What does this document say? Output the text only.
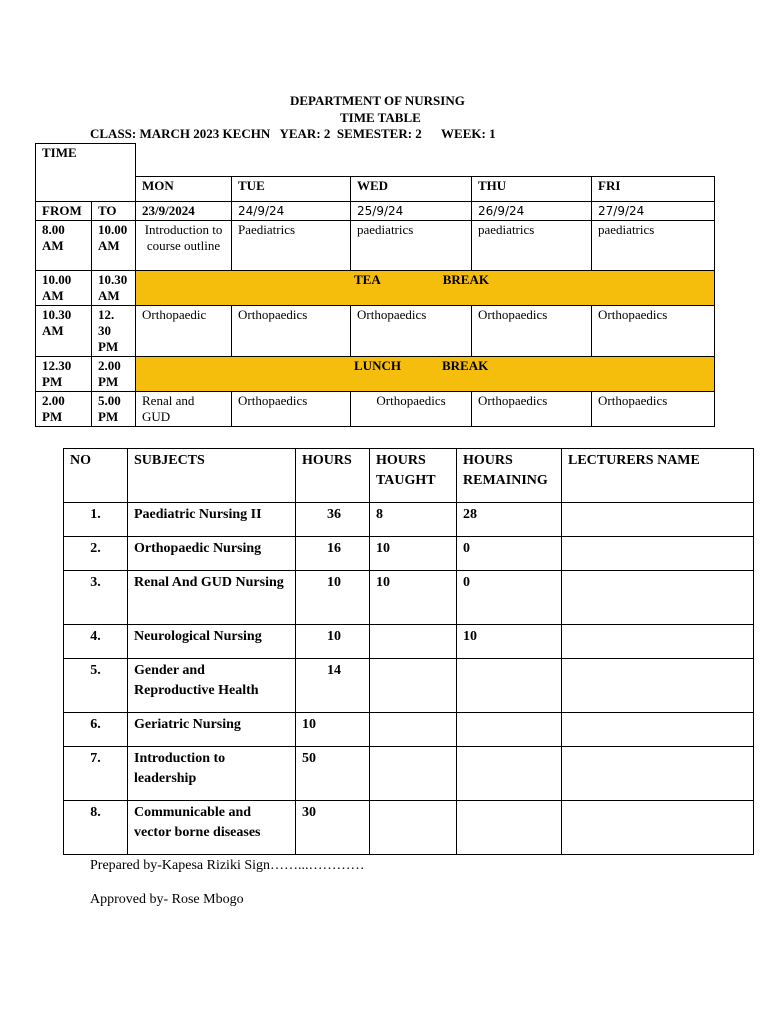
DEPARTMENT OF NURSING
TIME TABLE
CLASS: MARCH 2023 KECHN   YEAR: 2  SEMESTER: 2      WEEK: 1
TIME						
		MON	TUE	WED	THU	FRI
FROM	TO	23/9/2024	24/9/24	25/9/24	26/9/24	27/9/24
8.00 AM	10.00 AM	Introduction to course outline	Paediatrics	paediatrics	paediatrics	paediatrics
10.00 AM	10.30 AM	TEA BREAK				
10.30 AM	12. 30 PM	Orthopaedic	Orthopaedics	Orthopaedics	Orthopaedics	Orthopaedics
12.30 PM	2.00 PM	LUNCH BREAK				
2.00 PM	5.00 PM	Renal and GUD	Orthopaedics	Orthopaedics	Orthopaedics	Orthopaedics
NO	SUBJECTS	HOURS	HOURS TAUGHT	HOURS REMAINING	LECTURERS NAME
1.	Paediatric Nursing II	36	8	28	
2.	Orthopaedic Nursing	16	10	0	
3.	Renal And GUD Nursing	10	10	0	
4.	Neurological Nursing	10		10	
5.	Gender and Reproductive Health	14			
6.	Geriatric Nursing	10			
7.	Introduction to leadership	50			
8.	Communicable and vector borne diseases	30			
Prepared by-Kapesa Riziki Sign……...…………
Approved by- Rose Mbogo
